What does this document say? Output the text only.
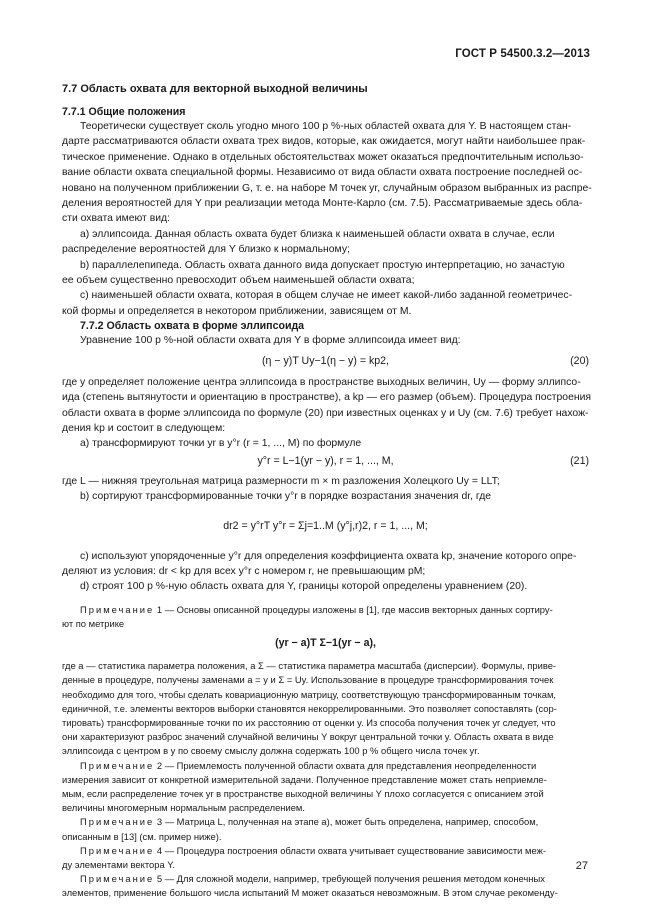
ГОСТ Р 54500.3.2—2013
7.7 Область охвата для векторной выходной величины
7.7.1 Общие положения

Теоретически существует сколь угодно много 100 p %-ных областей охвата для Y. В настоящем стан-

дарте рассматриваются области охвата трех видов, которые, как ожидается, могут найти наибольшее прак-

тическое применение. Однако в отдельных обстоятельствах может оказаться предпочтительным использо-

вание области охвата специальной формы. Независимо от вида области охвата построение последней ос-

новано на полученном приближении G, т. е. на наборе M точек yr, случайным образом выбранных из распре-

деления вероятностей для Y при реализации метода Монте-Карло (см. 7.5). Рассматриваемые здесь обла-

сти охвата имеют вид:

a) эллипсоида. Данная область охвата будет близка к наименьшей области охвата в случае, если

распределение вероятностей для Y близко к нормальному;

b) параллелепипеда. Область охвата данного вида допускает простую интерпретацию, но зачастую

ее объем существенно превосходит объем наименьшей области охвата;

c) наименьшей области охвата, которая в общем случае не имеет какой-либо заданной геометричес-

кой формы и определяется в некотором приближении, зависящем от M.

7.7.2 Область охвата в форме эллипсоида

Уравнение 100 p %-ной области охвата для Y в форме эллипсоида имеет вид:

(η − y)T Uy−1(η − y) = kp2,	(20)

где y определяет положение центра эллипсоида в пространстве выходных величин, Uy — форму эллипсо-

ида (степень вытянутости и ориентацию в пространстве), а kp — его размер (объем). Процедура построения

области охвата в форме эллипсоида по формуле (20) при известных оценках y и Uy (см. 7.6) требует нахож-

дения kp и состоит в следующем:

a) трансформируют точки yr в y°r (r = 1, ..., M) по формуле

y°r = L−1(yr − y), r = 1, ..., M,	(21)

где L — нижняя треугольная матрица размерности m × m разложения Холецкого Uy = LLT;

b) сортируют трансформированные точки y°r в порядке возрастания значения dr, где

dr2 = y°rT y°r = Σj=1..M (y°j,r)2, r = 1, ..., M;

c) используют упорядоченные y°r для определения коэффициента охвата kp, значение которого опре-

деляют из условия: dr < kp для всех y°r с номером r, не превышающим pM;

d) строят 100 p %-ную область охвата для Y, границы которой определены уравнением (20).

Примечание 1 — Основы описанной процедуры изложены в [1], где массив векторных данных сортиру-

ют по метрике

(yr − a)T Σ−1(yr − a),

где a — статистика параметра положения, а Σ — статистика параметра масштаба (дисперсии). Формулы, приве-

денные в процедуре, получены заменами a = y и Σ = Uy. Использование в процедуре трансформирования точек

необходимо для того, чтобы сделать ковариационную матрицу, соответствующую трансформированным точкам,

единичной, т.е. элементы векторов выборки становятся некоррелированными. Это позволяет сопоставлять (сор-

тировать) трансформированные точки по их расстоянию от оценки y. Из способа получения точек yr следует, что

они характеризуют разброс значений случайной величины Y вокруг центральной точки y. Область охвата в виде

эллипсоида с центром в y по своему смыслу должна содержать 100 p % общего числа точек yr.

Примечание 2 — Приемлемость полученной области охвата для представления неопределенности

измерения зависит от конкретной измерительной задачи. Полученное представление может стать неприемле-

мым, если распределение точек yr в пространстве выходной величины Y плохо согласуется с описанием этой

величины многомерным нормальным распределением.

Примечание 3 — Матрица L, полученная на этапе a), может быть определена, например, способом,

описанным в [13] (см. пример ниже).

Примечание 4 — Процедура построения области охвата учитывает существование зависимости меж-

ду элементами вектора Y.

Примечание 5 — Для сложной модели, например, требующей получения решения методом конечных

элементов, применение большого числа испытаний M может оказаться невозможным. В этом случае рекоменду-

27
